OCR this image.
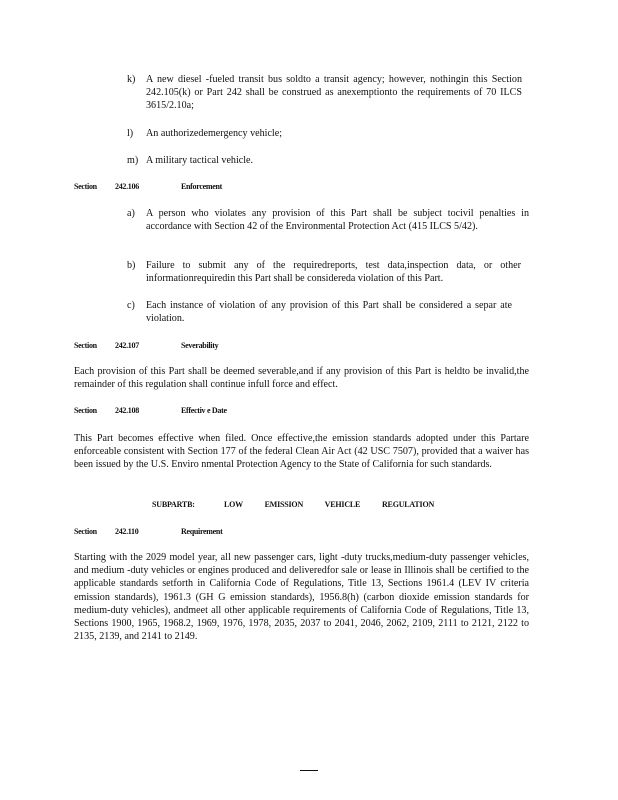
k) A new diesel -fueled transit bus soldto a transit agency; however, nothingin this Section 242.105(k) or Part 242 shall be construed as anexemptionto the requirements of 70 ILCS 3615/2.10a;
l) An authorizedemergency vehicle;
m) A military tactical vehicle.
Section 242.106	Enforcement
a) A person who violates any provision of this Part shall be subject tocivil penalties in accordance with Section 42 of the Environmental Protection Act (415 ILCS 5/42).
b) Failure to submit any of the requiredreports, test data,inspection data, or other informationrequiredin this Part shall be considereda violation of this Part.
c) Each instance of violation of any provision of this Part shall be considered a separ ate violation.
Section 242.107	Severability
Each provision of this Part shall be deemed severable,and if any provision of this Part is heldto be invalid,the remainder of this regulation shall continue infull force and effect.
Section 242.108	Effectiv e Date
This Part becomes effective when filed. Once effective,the emission standards adopted under this Partare enforceable consistent with Section 177 of the federal Clean Air Act (42 USC 7507), provided that a waiver has been issued by the U.S. Enviro nmental Protection Agency to the State of California for such standards.
SUBPARTB:	LOW EMISSION VEHICLE REGULATION
Section 242.110	Requirement
Starting with the 2029 model year, all new passenger cars, light -duty trucks,medium-duty passenger vehicles, and medium -duty vehicles or engines produced and deliveredfor sale or lease in Illinois shall be certified to the applicable standards setforth in California Code of Regulations, Title 13, Sections 1961.4 (LEV IV criteria emission standards), 1961.3 (GH G emission standards), 1956.8(h) (carbon dioxide emission standards for medium-duty vehicles), andmeet all other applicable requirements of California Code of Regulations, Title 13, Sections 1900, 1965, 1968.2, 1969, 1976, 1978, 2035, 2037 to 2041, 2046, 2062, 2109, 2111 to 2121, 2122 to 2135, 2139, and 2141 to 2149.
